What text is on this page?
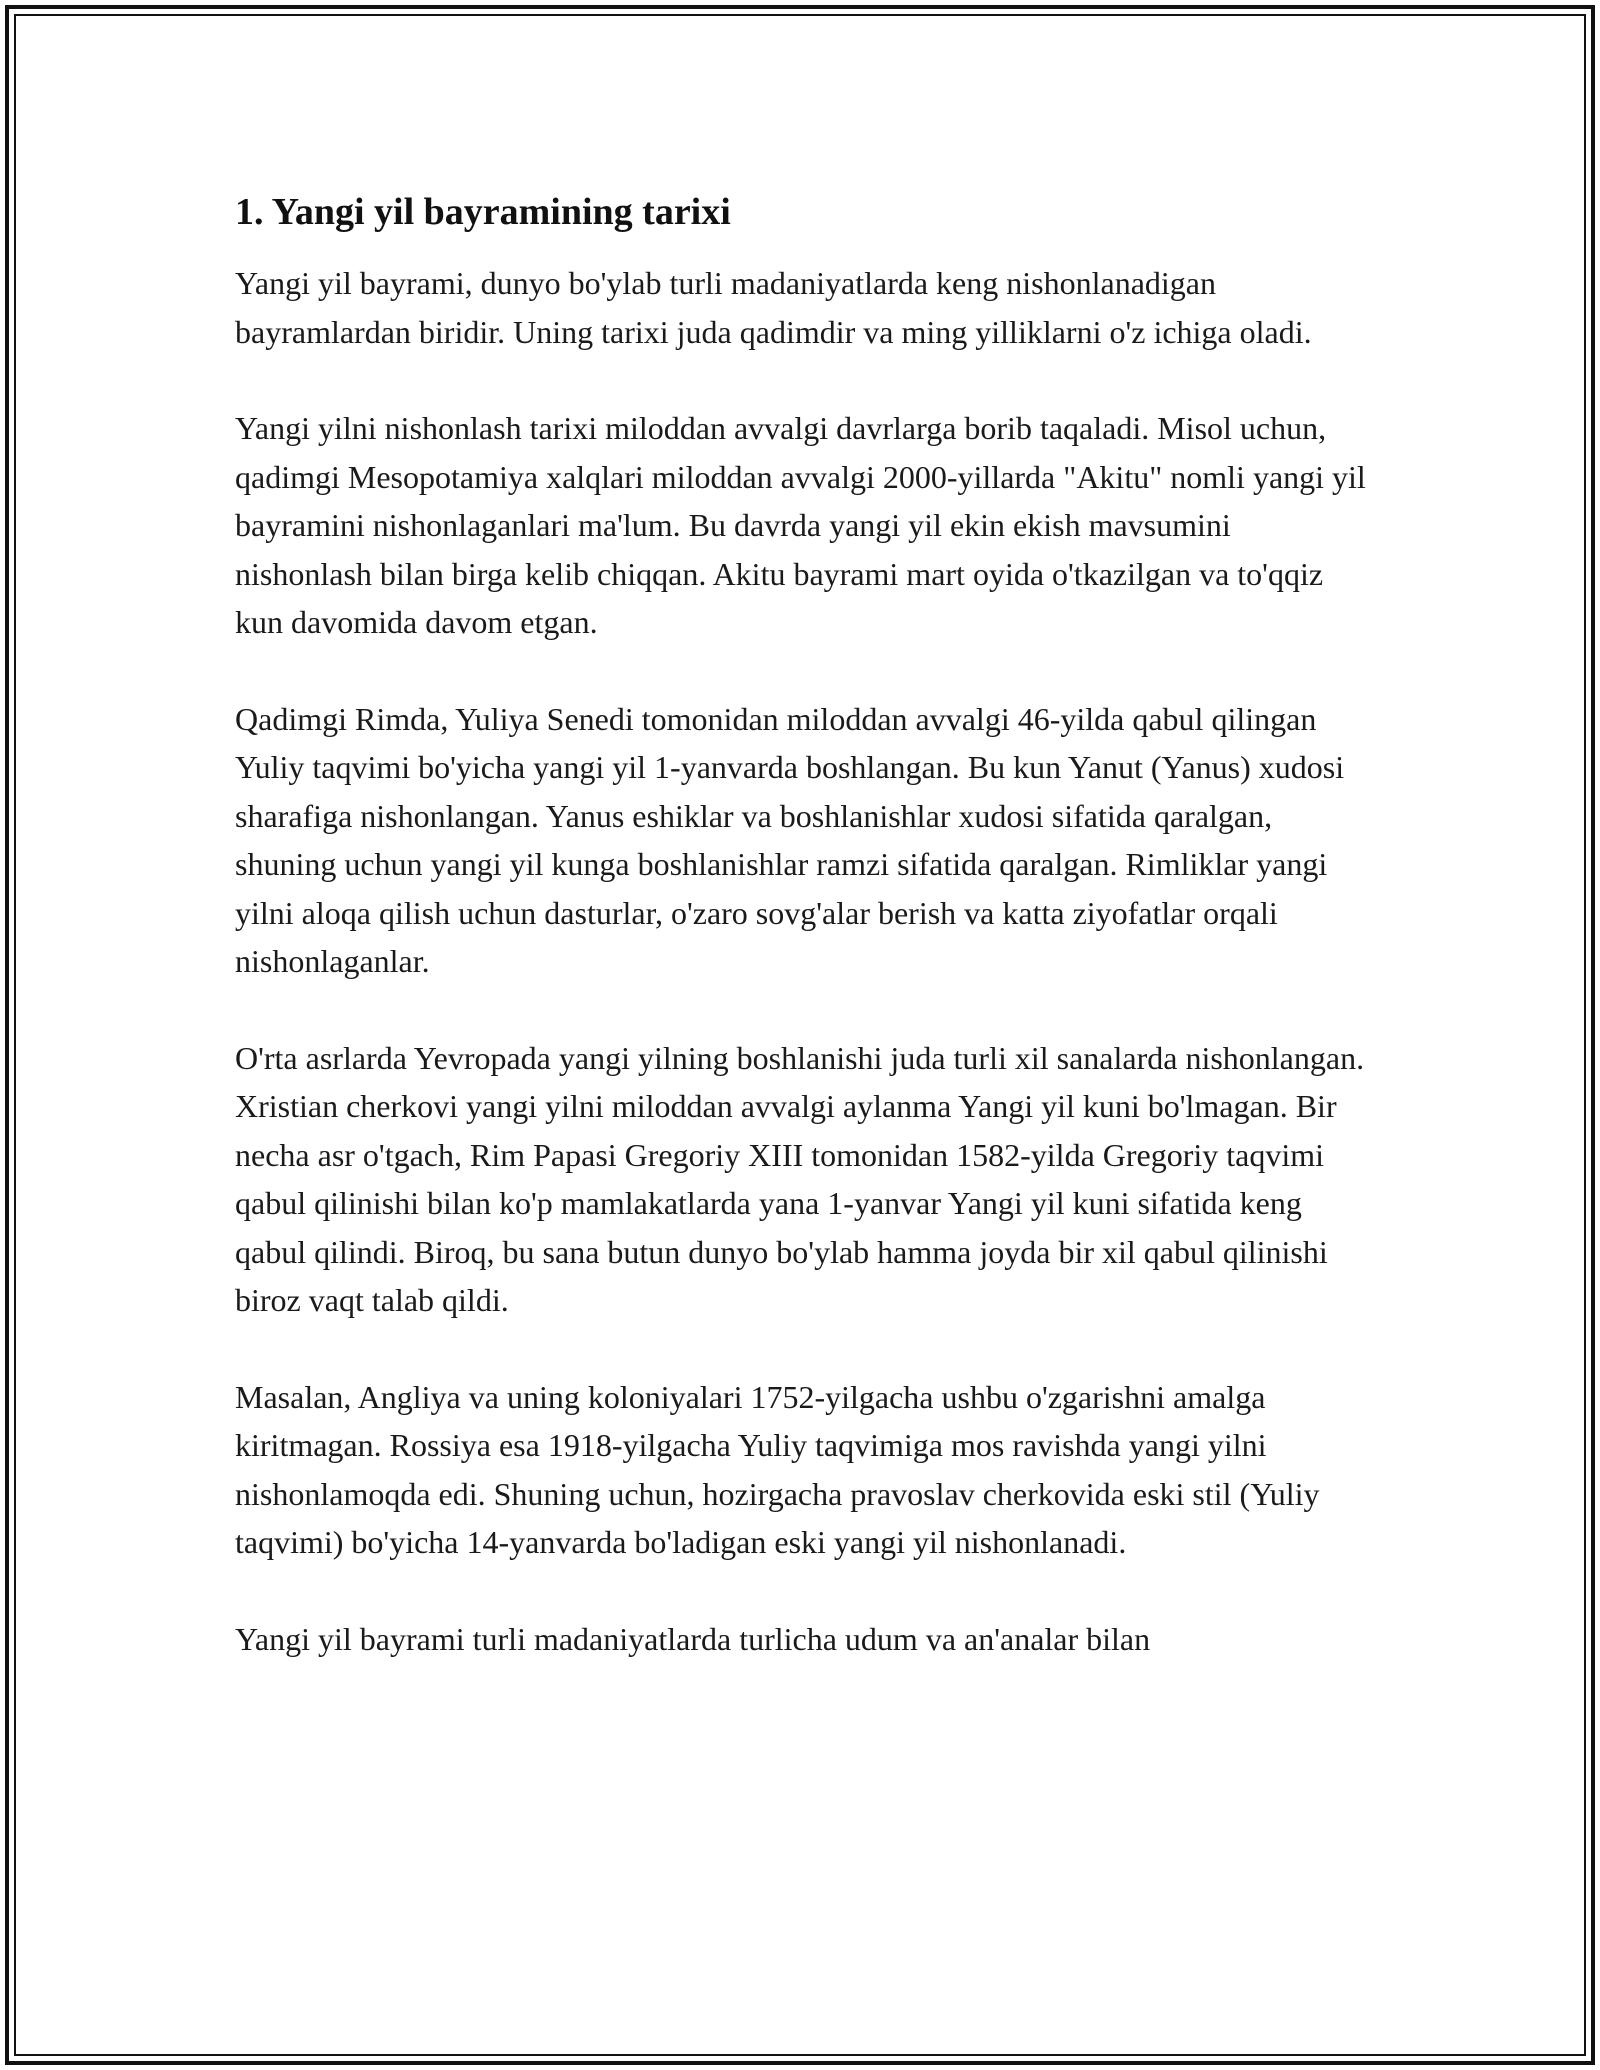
1. Yangi yil bayramining tarixi

Yangi yil bayrami, dunyo bo'ylab turli madaniyatlarda keng nishonlanadigan bayramlardan biridir. Uning tarixi juda qadimdir va ming yilliklarni o'z ichiga oladi.

Yangi yilni nishonlash tarixi miloddan avvalgi davrlarga borib taqaladi. Misol uchun, qadimgi Mesopotamiya xalqlari miloddan avvalgi 2000-yillarda "Akitu" nomli yangi yil bayramini nishonlaganlari ma'lum. Bu davrda yangi yil ekin ekish mavsumini nishonlash bilan birga kelib chiqqan. Akitu bayrami mart oyida o'tkazilgan va to'qqiz kun davomida davom etgan.

Qadimgi Rimda, Yuliya Senedi tomonidan miloddan avvalgi 46-yilda qabul qilingan Yuliy taqvimi bo'yicha yangi yil 1-yanvarda boshlangan. Bu kun Yanut (Yanus) xudosi sharafiga nishonlangan. Yanus eshiklar va boshlanishlar xudosi sifatida qaralgan, shuning uchun yangi yil kunga boshlanishlar ramzi sifatida qaralgan. Rimliklar yangi yilni aloqa qilish uchun dasturlar, o'zaro sovg'alar berish va katta ziyofatlar orqali nishonlaganlar.

O'rta asrlarda Yevropada yangi yilning boshlanishi juda turli xil sanalarda nishonlangan. Xristian cherkovi yangi yilni miloddan avvalgi aylanma Yangi yil kuni bo'lmagan. Bir necha asr o'tgach, Rim Papasi Gregoriy XIII tomonidan 1582-yilda Gregoriy taqvimi qabul qilinishi bilan ko'p mamlakatlarda yana 1-yanvar Yangi yil kuni sifatida keng qabul qilindi. Biroq, bu sana butun dunyo bo'ylab hamma joyda bir xil qabul qilinishi biroz vaqt talab qildi.

Masalan, Angliya va uning koloniyalari 1752-yilgacha ushbu o'zgarishni amalga kiritmagan. Rossiya esa 1918-yilgacha Yuliy taqvimiga mos ravishda yangi yilni nishonlamoqda edi. Shuning uchun, hozirgacha pravoslav cherkovida eski stil (Yuliy taqvimi) bo'yicha 14-yanvarda bo'ladigan eski yangi yil nishonlanadi.

Yangi yil bayrami turli madaniyatlarda turlicha udum va an'analar bilan
